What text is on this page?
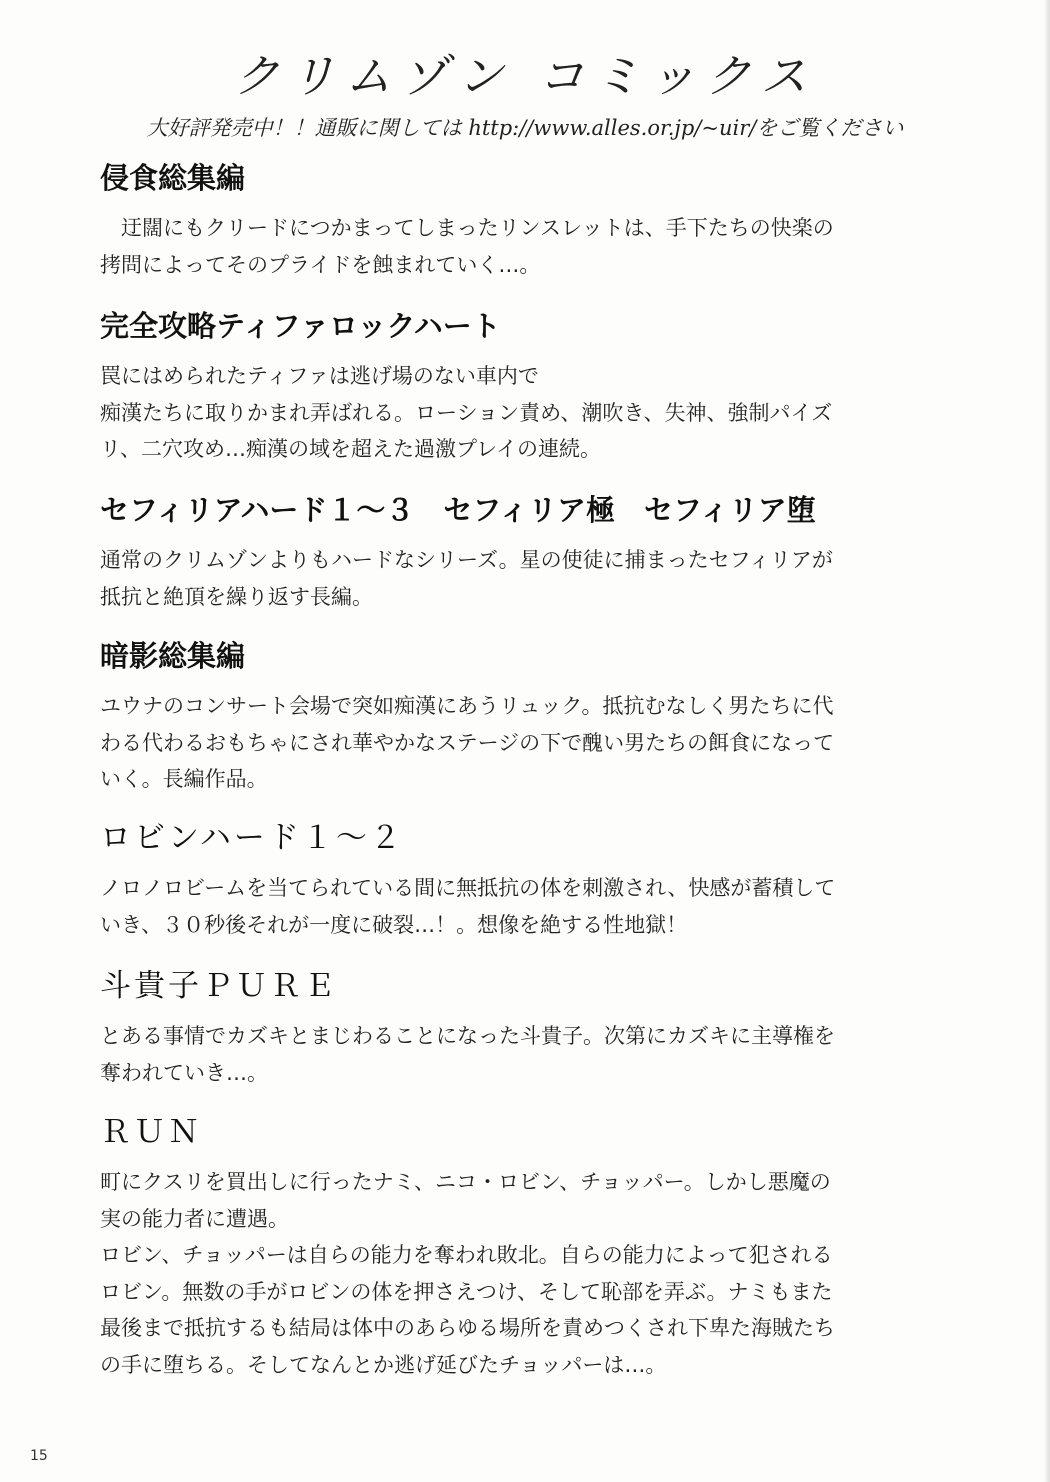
クリムゾン コミックス
大好評発売中！！通販に関しては http://www.alles.or.jp/~uir/をご覧ください
侵食総集編

　迂闊にもクリードにつかまってしまったリンスレットは、手下たちの快楽の
拷問によってそのプライドを蝕まれていく…。

完全攻略ティファロックハート

罠にはめられたティファは逃げ場のない車内で
痴漢たちに取りかまれ弄ばれる。ローション責め、潮吹き、失神、強制パイズ
リ、二穴攻め…痴漢の域を超えた過激プレイの連続。

セフィリアハード１～３　セフィリア極　セフィリア堕

通常のクリムゾンよりもハードなシリーズ。星の使徒に捕まったセフィリアが
抵抗と絶頂を繰り返す長編。

暗影総集編

ユウナのコンサート会場で突如痴漢にあうリュック。抵抗むなしく男たちに代
わる代わるおもちゃにされ華やかなステージの下で醜い男たちの餌食になって
いく。長編作品。

ロビンハード１～２

ノロノロビームを当てられている間に無抵抗の体を刺激され、快感が蓄積して
いき、３０秒後それが一度に破裂…！。想像を絶する性地獄！

斗貴子ＰＵＲＥ

とある事情でカズキとまじわることになった斗貴子。次第にカズキに主導権を
奪われていき…。

ＲＵＮ

町にクスリを買出しに行ったナミ、ニコ・ロビン、チョッパー。しかし悪魔の
実の能力者に遭遇。
ロビン、チョッパーは自らの能力を奪われ敗北。自らの能力によって犯される
ロビン。無数の手がロビンの体を押さえつけ、そして恥部を弄ぶ。ナミもまた
最後まで抵抗するも結局は体中のあらゆる場所を責めつくされ下卑た海賊たち
の手に堕ちる。そしてなんとか逃げ延びたチョッパーは…。

15
